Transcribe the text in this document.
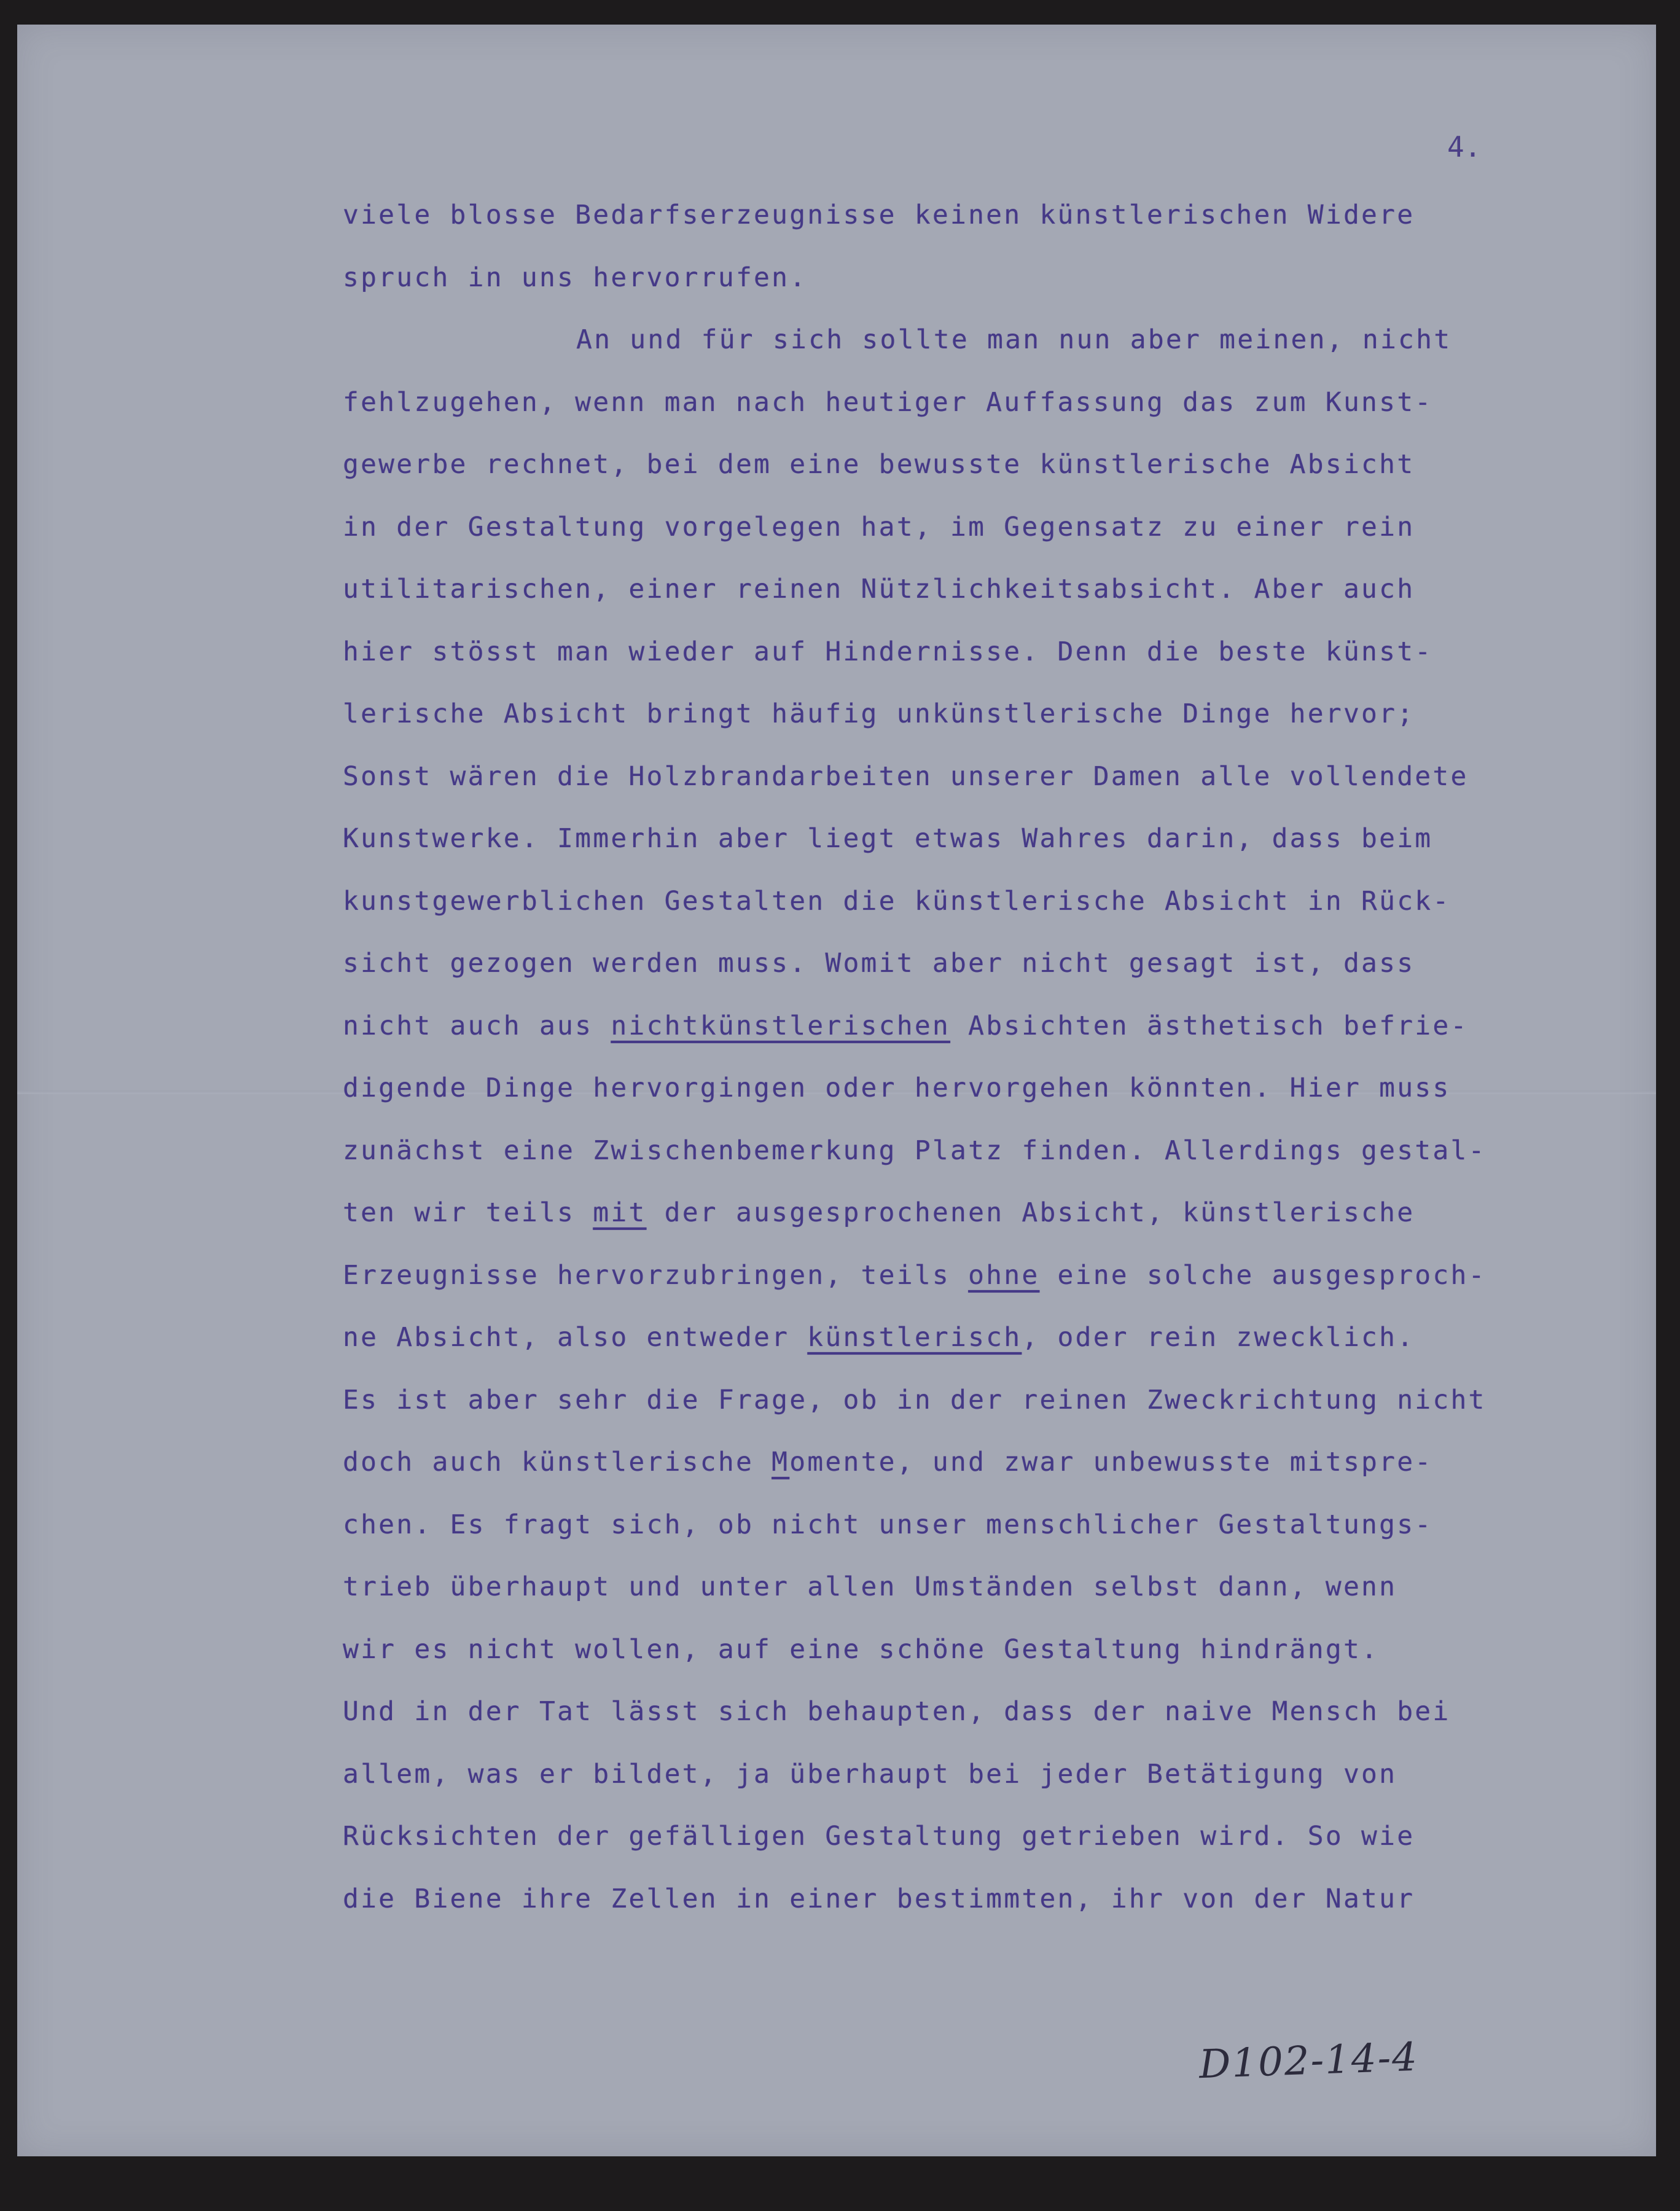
4.
viele blosse Bedarfserzeugnisse keinen künstlerischen Widere
spruch in uns hervorrufen.
An und für sich sollte man nun aber meinen, nicht
fehlzugehen, wenn man nach heutiger Auffassung das zum Kunst-
gewerbe rechnet, bei dem eine bewusste künstlerische Absicht
in der Gestaltung vorgelegen hat, im Gegensatz zu einer rein
utilitarischen, einer reinen Nützlichkeitsabsicht. Aber auch
hier stösst man wieder auf Hindernisse. Denn die beste künst-
lerische Absicht bringt häufig unkünstlerische Dinge hervor;
Sonst wären die Holzbrandarbeiten unserer Damen alle vollendete
Kunstwerke. Immerhin aber liegt etwas Wahres darin, dass beim
kunstgewerblichen Gestalten die künstlerische Absicht in Rück-
sicht gezogen werden muss. Womit aber nicht gesagt ist, dass
nicht auch aus nichtkünstlerischen Absichten ästhetisch befrie-
digende Dinge hervorgingen oder hervorgehen könnten. Hier muss
zunächst eine Zwischenbemerkung Platz finden. Allerdings gestal-
ten wir teils mit der ausgesprochenen Absicht, künstlerische
Erzeugnisse hervorzubringen, teils ohne eine solche ausgesproch-
ne Absicht, also entweder künstlerisch, oder rein zwecklich.
Es ist aber sehr die Frage, ob in der reinen Zweckrichtung nicht
doch auch künstlerische Momente, und zwar unbewusste mitspre-
chen. Es fragt sich, ob nicht unser menschlicher Gestaltungs-
trieb überhaupt und unter allen Umständen selbst dann, wenn
wir es nicht wollen, auf eine schöne Gestaltung hindrängt.
Und in der Tat lässt sich behaupten, dass der naive Mensch bei
allem, was er bildet, ja überhaupt bei jeder Betätigung von
Rücksichten der gefälligen Gestaltung getrieben wird. So wie
die Biene ihre Zellen in einer bestimmten, ihr von der Natur
D102-14-4
